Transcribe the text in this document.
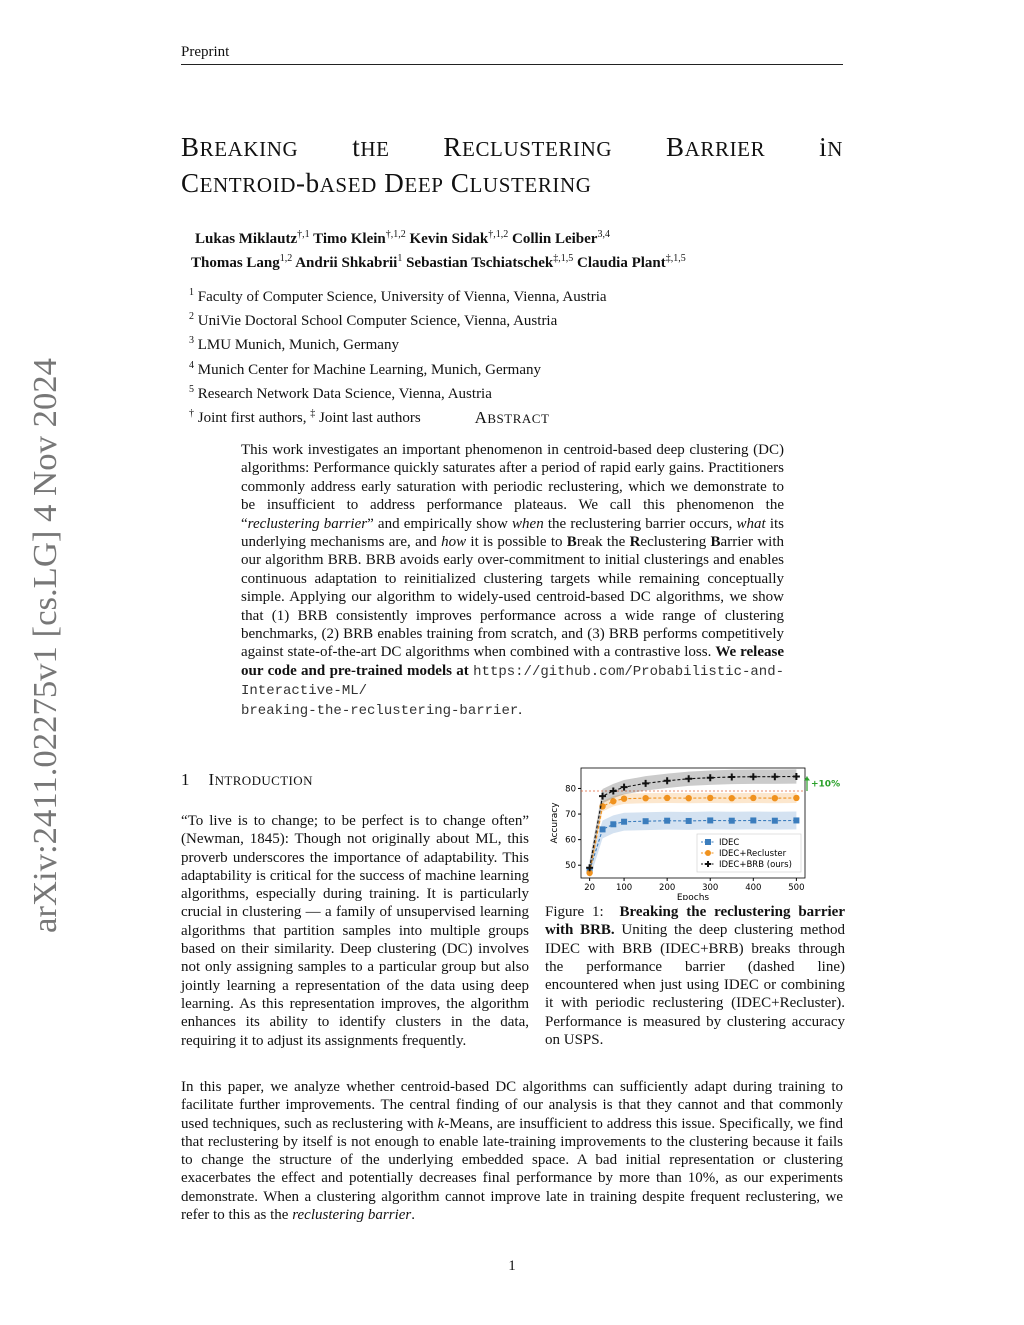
Preprint
arXiv:2411.02275v1 [cs.LG] 4 Nov 2024
BREAKING tHE RECLUSTERING BARRIER iN
CENTROID-bASED DEEP CLUSTERING
Lukas Miklautz$^{\dagger,1}$ Timo Klein$^{\dagger,1,2}$ Kevin Sidak$^{\dagger,1,2}$ Collin Leiber$^{3,4}$
Thomas Lang$^{1,2}$ Andrii Shkabrii$^1$ Sebastian Tschiatschek$^{\ddagger,1,5}$ Claudia Plant$^{\ddagger,1,5}$
$^1$ Faculty of Computer Science, University of Vienna, Vienna, Austria
$^2$ UniVie Doctoral School Computer Science, Vienna, Austria
$^3$ LMU Munich, Munich, Germany
$^4$ Munich Center for Machine Learning, Munich, Germany
$^5$ Research Network Data Science, Vienna, Austria
† Joint first authors, ‡ Joint last authors	ABSTRACT
This work investigates an important phenomenon in centroid-based deep clustering (DC) algorithms: Performance quickly saturates after a period of rapid early gains. Practitioners commonly address early saturation with periodic reclustering, which we demonstrate to be insufficient to address performance plateaus. We call this phenomenon the “reclustering barrier” and empirically show when the reclustering barrier occurs, what its underlying mechanisms are, and how it is possible to Break the Reclustering Barrier with our algorithm BRB. BRB avoids early over-commitment to initial clusterings and enables continuous adaptation to reinitialized clustering targets while remaining conceptually simple. Applying our algorithm to widely-used centroid-based DC algorithms, we show that (1) BRB consistently improves performance across a wide range of clustering benchmarks, (2) BRB enables training from scratch, and (3) BRB performs competitively against state-of-the-art DC algorithms when combined with a contrastive loss. We release our code and pre-trained models at https://github.com/Probabilistic-and-Interactive-ML/
breaking-the-reclustering-barrier.
1 INTRODUCTION
“To live is to change; to be perfect is to change often” (Newman, 1845): Though not originally about ML, this proverb underscores the importance of adaptability. This adaptability is critical for the success of machine learning algorithms, especially during training. It is particularly crucial in clustering — a family of unsupervised learning algorithms that partition samples into multiple groups based on their similarity. Deep clustering (DC) involves not only assigning samples to a particular group but also jointly learning a representation of the data using deep learning. As this representation improves, the algorithm enhances its ability to identify clusters in the data, requiring it to adjust its assignments frequently.
20 100	200	300	400	500
50
60
70
80
Epochs
Accuracy
+10%
IDEC
IDEC+Recluster
IDEC+BRB (ours)
Figure 1: Breaking the reclustering barrier with BRB. Uniting the deep clustering method IDEC with BRB (IDEC+BRB) breaks through the performance barrier (dashed line) encountered when just using IDEC or combining it with periodic reclustering (IDEC+Recluster). Performance is measured by clustering accuracy on USPS.
In this paper, we analyze whether centroid-based DC algorithms can sufficiently adapt during training to facilitate further improvements. The central finding of our analysis is that they cannot and that commonly used techniques, such as reclustering with k-Means, are insufficient to address this issue. Specifically, we find that reclustering by itself is not enough to enable late-training improvements to the clustering because it fails to change the structure of the underlying embedded space. A bad initial representation or clustering exacerbates the effect and potentially decreases final performance by more than 10%, as our experiments demonstrate. When a clustering algorithm cannot improve late in training despite frequent reclustering, we refer to this as the reclustering barrier.
1
